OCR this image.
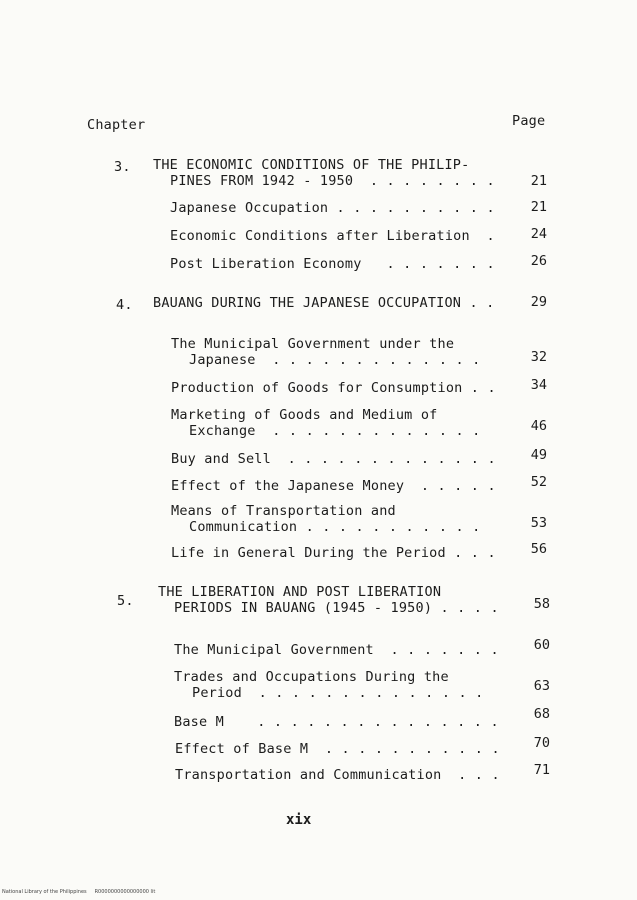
Chapter	Page
3. THE ECONOMIC CONDITIONS OF THE PHILIP-
PINES FROM 1942 - 1950  . . . . . . . .	21
Japanese Occupation . . . . . . . . . .	21
Economic Conditions after Liberation  .	24
Post Liberation Economy   . . . . . . .	26
4. BAUANG DURING THE JAPANESE OCCUPATION . .	29
The Municipal Government under the
Japanese  . . . . . . . . . . . . .	32
Production of Goods for Consumption . .	34
Marketing of Goods and Medium of
Exchange  . . . . . . . . . . . . .	46
Buy and Sell  . . . . . . . . . . . . .	49
Effect of the Japanese Money  . . . . .	52
Means of Transportation and
Communication . . . . . . . . . . .	53
Life in General During the Period . . .	56
5.
THE LIBERATION AND POST LIBERATION
PERIODS IN BAUANG (1945 - 1950) . . . .	58
The Municipal Government  . . . . . . .	60
Trades and Occupations During the
Period  . . . . . . . . . . . . . .	63
Base M    . . . . . . . . . . . . . . .	68
Effect of Base M  . . . . . . . . . . .	70
Transportation and Communication  . . .	71
xix
National Library of the Philippines     R0000000000000000 lit
